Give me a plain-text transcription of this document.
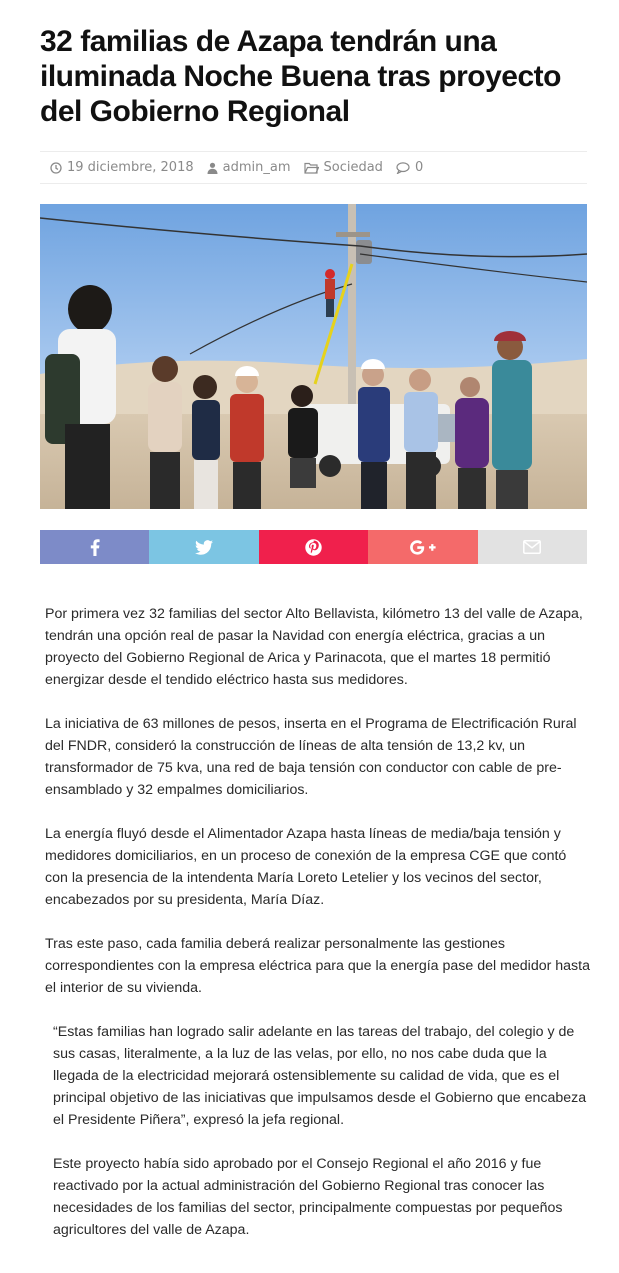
32 familias de Azapa tendrán una iluminada Noche Buena tras proyecto del Gobierno Regional
19 diciembre, 2018 admin_am	Sociedad 0

Por primera vez 32 familias del sector Alto Bellavista, kilómetro 13 del valle de Azapa, tendrán una opción real de pasar la Navidad con energía eléctrica, gracias a un proyecto del Gobierno Regional de Arica y Parinacota, que el martes 18 permitió energizar desde el tendido eléctrico hasta sus medidores.

La iniciativa de 63 millones de pesos, inserta en el Programa de Electrificación Rural del FNDR, consideró la construcción de líneas de alta tensión de 13,2 kv, un transformador de 75 kva, una red de baja tensión con conductor con cable de pre-ensamblado y 32 empalmes domiciliarios.

La energía fluyó desde el Alimentador Azapa hasta líneas de media/baja tensión y medidores domiciliarios, en un proceso de conexión de la empresa CGE que contó con la presencia de la intendenta María Loreto Letelier y los vecinos del sector, encabezados por su presidenta, María Díaz.

Tras este paso, cada familia deberá realizar personalmente las gestiones correspondientes con la empresa eléctrica para que la energía pase del medidor hasta el interior de su vivienda.

“Estas familias han logrado salir adelante en las tareas del trabajo, del colegio y de sus casas, literalmente, a la luz de las velas, por ello, no nos cabe duda que la llegada de la electricidad mejorará ostensiblemente su calidad de vida, que es el principal objetivo de las iniciativas que impulsamos desde el Gobierno que encabeza el Presidente Piñera”, expresó la jefa regional.

Este proyecto había sido aprobado por el Consejo Regional el año 2016 y fue reactivado por la actual administración del Gobierno Regional tras conocer las necesidades de los familias del sector, principalmente compuestas por pequeños agricultores del valle de Azapa.
